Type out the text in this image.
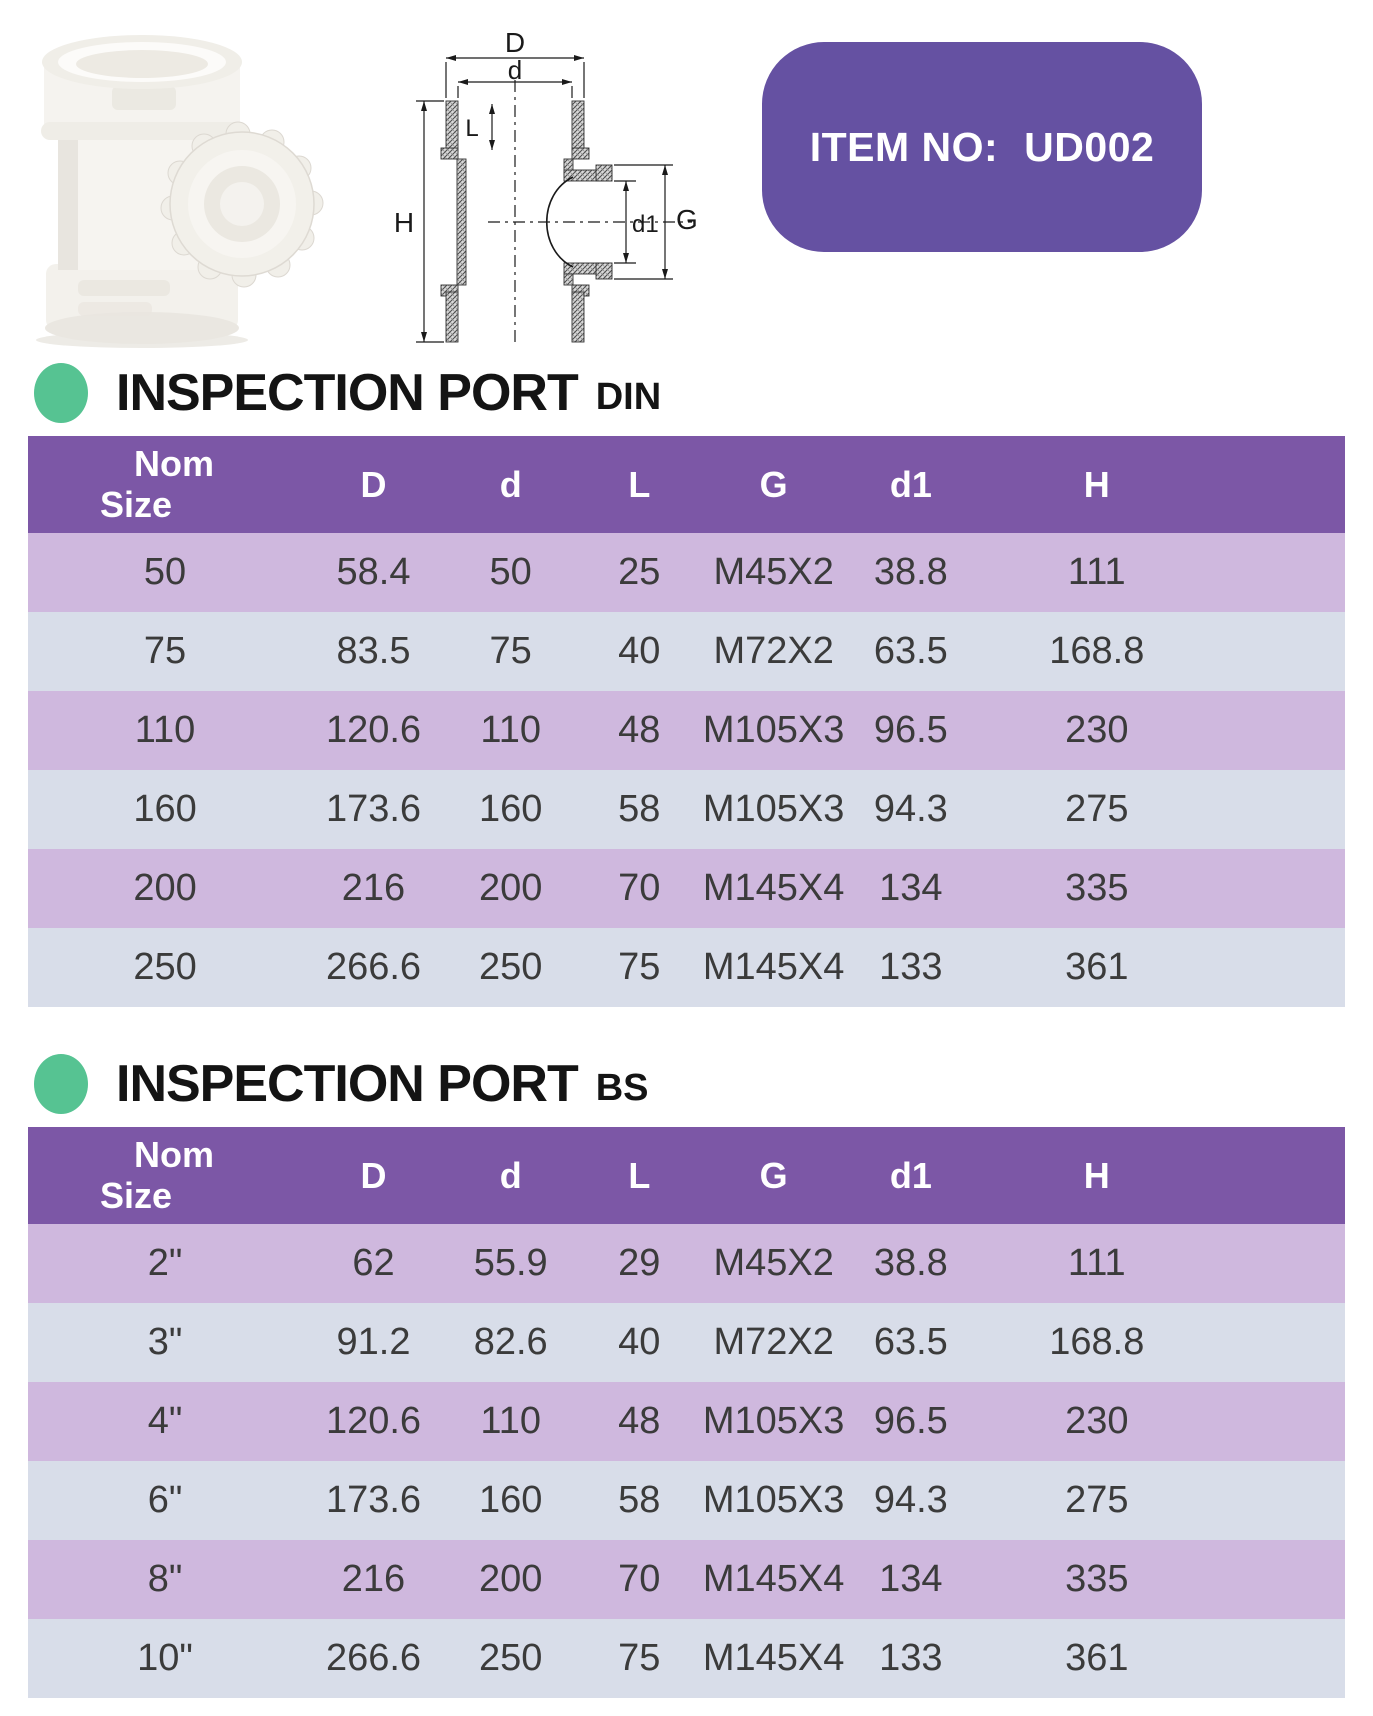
D
d
L
H	d1 G
ITEM NO: UD002
INSPECTION PORT DIN
Nom
Size	D	d	L	G	d1	H
50	58.4	50	25	M45X2	38.8	111
75	83.5	75	40	M72X2	63.5	168.8
110	120.6	110	48	M105X3	96.5	230
160	173.6	160	58	M105X3	94.3	275
200	216	200	70	M145X4	134	335
250	266.6	250	75	M145X4	133	361
INSPECTION PORT BS
Nom
Size	D	d	L	G	d1	H
2"	62	55.9	29	M45X2	38.8	111
3"	91.2	82.6	40	M72X2	63.5	168.8
4"	120.6	110	48	M105X3	96.5	230
6"	173.6	160	58	M105X3	94.3	275
8"	216	200	70	M145X4	134	335
10"	266.6	250	75	M145X4	133	361
